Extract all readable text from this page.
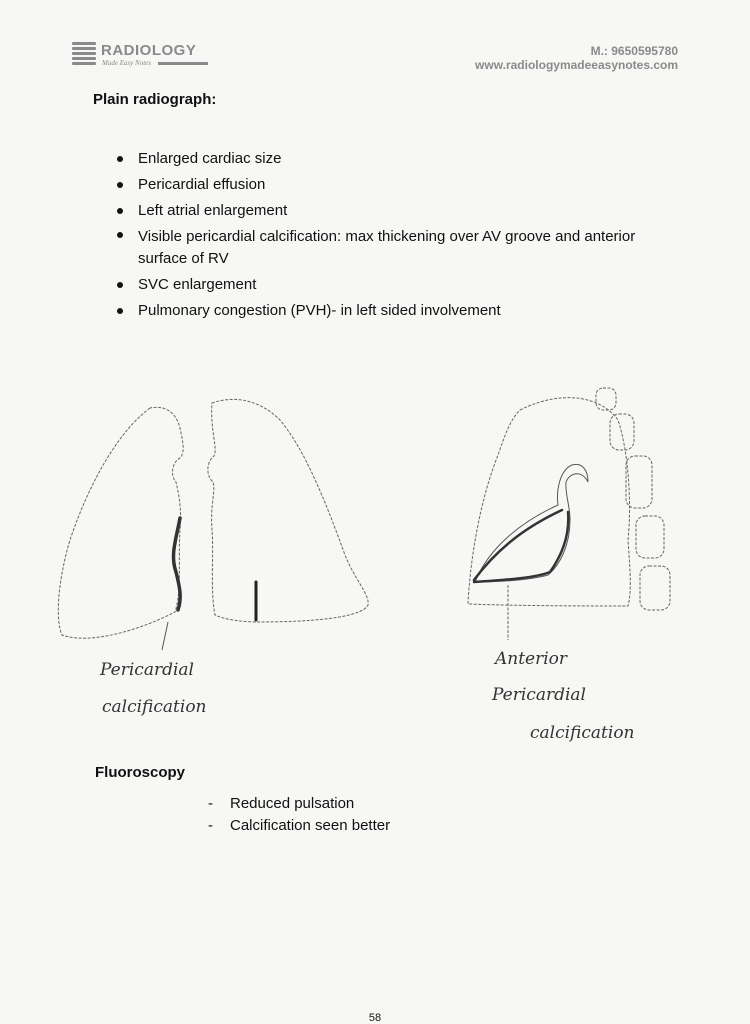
RADIOLOGY
Made Easy Notes
M.: 9650595780
www.radiologymadeeasynotes.com
Plain radiograph:
Enlarged cardiac size
Pericardial effusion
Left atrial enlargement
Visible pericardial calcification: max thickening over AV groove and anterior surface of RV
SVC enlargement
Pulmonary congestion (PVH)- in left sided involvement
Pericardial
calcification
Anterior
Pericardial
calcification
Fluoroscopy
- Reduced pulsation
- Calcification seen better
58
